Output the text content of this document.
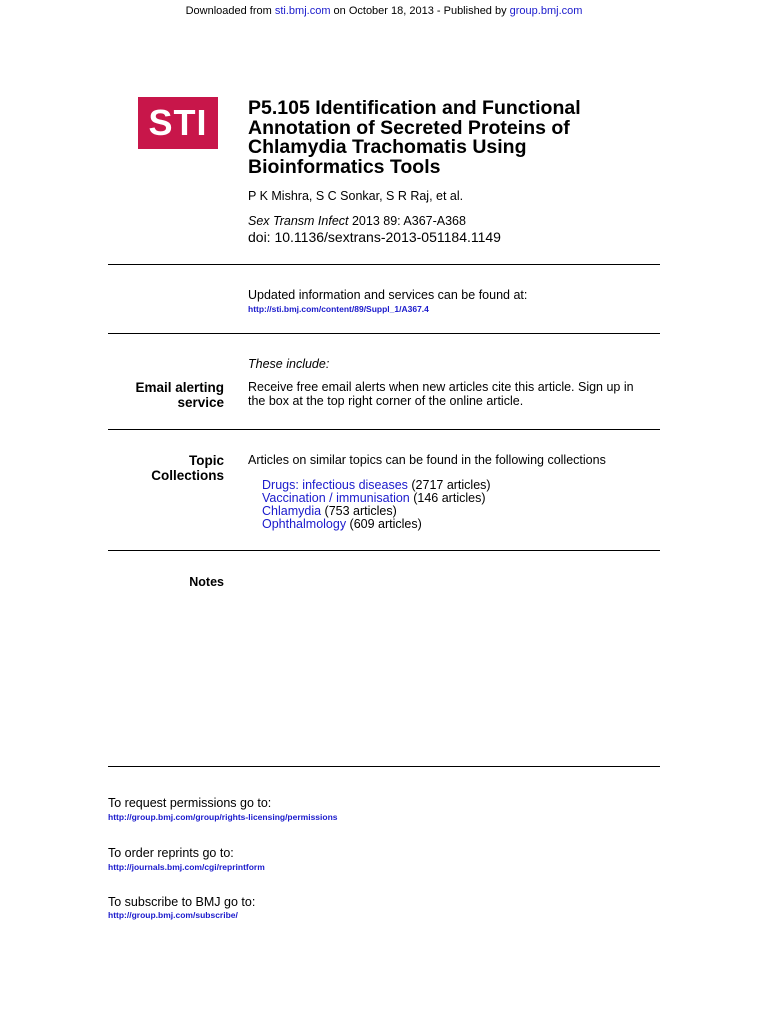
Downloaded from sti.bmj.com on October 18, 2013 - Published by group.bmj.com
STI	P5.105 Identification and Functional
Annotation of Secreted Proteins of
Chlamydia Trachomatis Using
Bioinformatics Tools
P K Mishra, S C Sonkar, S R Raj, et al.
Sex Transm Infect 2013 89: A367-A368
doi: 10.1136/sextrans-2013-051184.1149
Updated information and services can be found at:
http://sti.bmj.com/content/89/Suppl_1/A367.4
These include:
Email alerting
service
Receive free email alerts when new articles cite this article. Sign up in
the box at the top right corner of the online article.
Topic
Collections
Articles on similar topics can be found in the following collections
Drugs: infectious diseases (2717 articles)
Vaccination / immunisation (146 articles)
Chlamydia (753 articles)
Ophthalmology (609 articles)
Notes
To request permissions go to:
http://group.bmj.com/group/rights-licensing/permissions
To order reprints go to:
http://journals.bmj.com/cgi/reprintform
To subscribe to BMJ go to:
http://group.bmj.com/subscribe/
